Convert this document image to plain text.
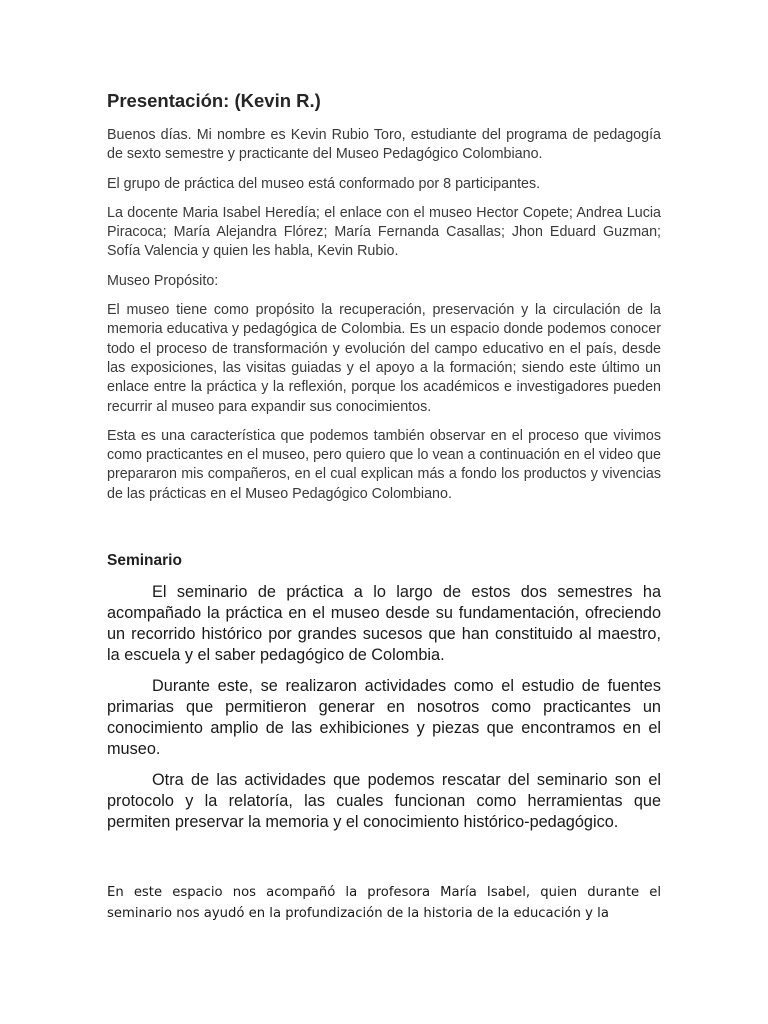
Presentación: (Kevin R.)

Buenos días. Mi nombre es Kevin Rubio Toro, estudiante del programa de pedagogía de sexto semestre y practicante del Museo Pedagógico Colombiano.

El grupo de práctica del museo está conformado por 8 participantes.

La docente Maria Isabel Heredía; el enlace con el museo Hector Copete; Andrea Lucia Piracoca; María Alejandra Flórez; María Fernanda Casallas; Jhon Eduard Guzman; Sofía Valencia y quien les habla, Kevin Rubio.

Museo Propósito:

El museo tiene como propósito la recuperación, preservación y la circulación de la memoria educativa y pedagógica de Colombia. Es un espacio donde podemos conocer todo el proceso de transformación y evolución del campo educativo en el país, desde las exposiciones, las visitas guiadas y el apoyo a la formación; siendo este último un enlace entre la práctica y la reflexión, porque los académicos e investigadores pueden recurrir al museo para expandir sus conocimientos.

Esta es una característica que podemos también observar en el proceso que vivimos como practicantes en el museo, pero quiero que lo vean a continuación en el video que prepararon mis compañeros, en el cual explican más a fondo los productos y vivencias de las prácticas en el Museo Pedagógico Colombiano.

Seminario

El seminario de práctica a lo largo de estos dos semestres ha acompañado la práctica en el museo desde su fundamentación, ofreciendo un recorrido histórico por grandes sucesos que han constituido al maestro, la escuela y el saber pedagógico de Colombia.

Durante este, se realizaron actividades como el estudio de fuentes primarias que permitieron generar en nosotros como practicantes un conocimiento amplio de las exhibiciones y piezas que encontramos en el museo.

Otra de las actividades que podemos rescatar del seminario son el protocolo y la relatoría, las cuales funcionan como herramientas que permiten preservar la memoria y el conocimiento histórico-pedagógico.

En este espacio nos acompañó la profesora María Isabel, quien durante el seminario nos ayudó en la profundización de la historia de la educación y la
